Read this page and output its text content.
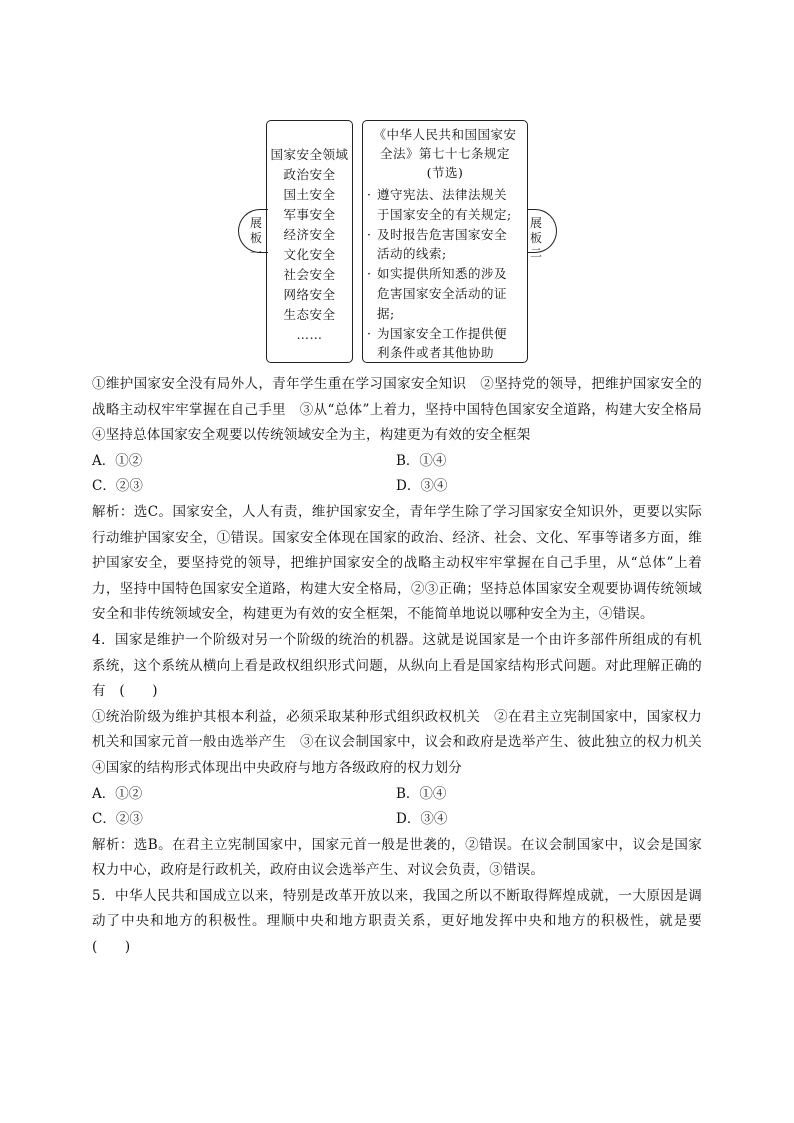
展
板
一
国家安全领域
政治安全
国土安全
军事安全
经济安全
文化安全
社会安全
网络安全
生态安全
……
《中华人民共和国国家安
全法》第七十七条规定
(节选)
· 遵守宪法、法律法规关
于国家安全的有关规定;
· 及时报告危害国家安全
活动的线索;
· 如实提供所知悉的涉及
危害国家安全活动的证
据;
· 为国家安全工作提供便
利条件或者其他协助
展
板
二

①维护国家安全没有局外人，青年学生重在学习国家安全知识　②坚持党的领导，把维护国家安全的战略主动权牢牢掌握在自己手里　③从“总体”上着力，坚持中国特色国家安全道路，构建大安全格局　④坚持总体国家安全观要以传统领域安全为主，构建更为有效的安全框架

A．①②	B．①④
C．②③	D．③④

解析：选C。国家安全，人人有责，维护国家安全，青年学生除了学习国家安全知识外，更要以实际行动维护国家安全，①错误。国家安全体现在国家的政治、经济、社会、文化、军事等诸多方面，维护国家安全，要坚持党的领导，把维护国家安全的战略主动权牢牢掌握在自己手里，从“总体”上着力，坚持中国特色国家安全道路，构建大安全格局，②③正确；坚持总体国家安全观要协调传统领域安全和非传统领域安全，构建更为有效的安全框架，不能简单地说以哪种安全为主，④错误。

4．国家是维护一个阶级对另一个阶级的统治的机器。这就是说国家是一个由许多部件所组成的有机系统，这个系统从横向上看是政权组织形式问题，从纵向上看是国家结构形式问题。对此理解正确的有　(　　)

①统治阶级为维护其根本利益，必须采取某种形式组织政权机关　②在君主立宪制国家中，国家权力机关和国家元首一般由选举产生　③在议会制国家中，议会和政府是选举产生、彼此独立的权力机关　④国家的结构形式体现出中央政府与地方各级政府的权力划分

A．①②	B．①④
C．②③	D．③④

解析：选B。在君主立宪制国家中，国家元首一般是世袭的，②错误。在议会制国家中，议会是国家权力中心，政府是行政机关，政府由议会选举产生、对议会负责，③错误。

5．中华人民共和国成立以来，特别是改革开放以来，我国之所以不断取得辉煌成就，一大原因是调动了中央和地方的积极性。理顺中央和地方职责关系，更好地发挥中央和地方的积极性，就是要(　　)
